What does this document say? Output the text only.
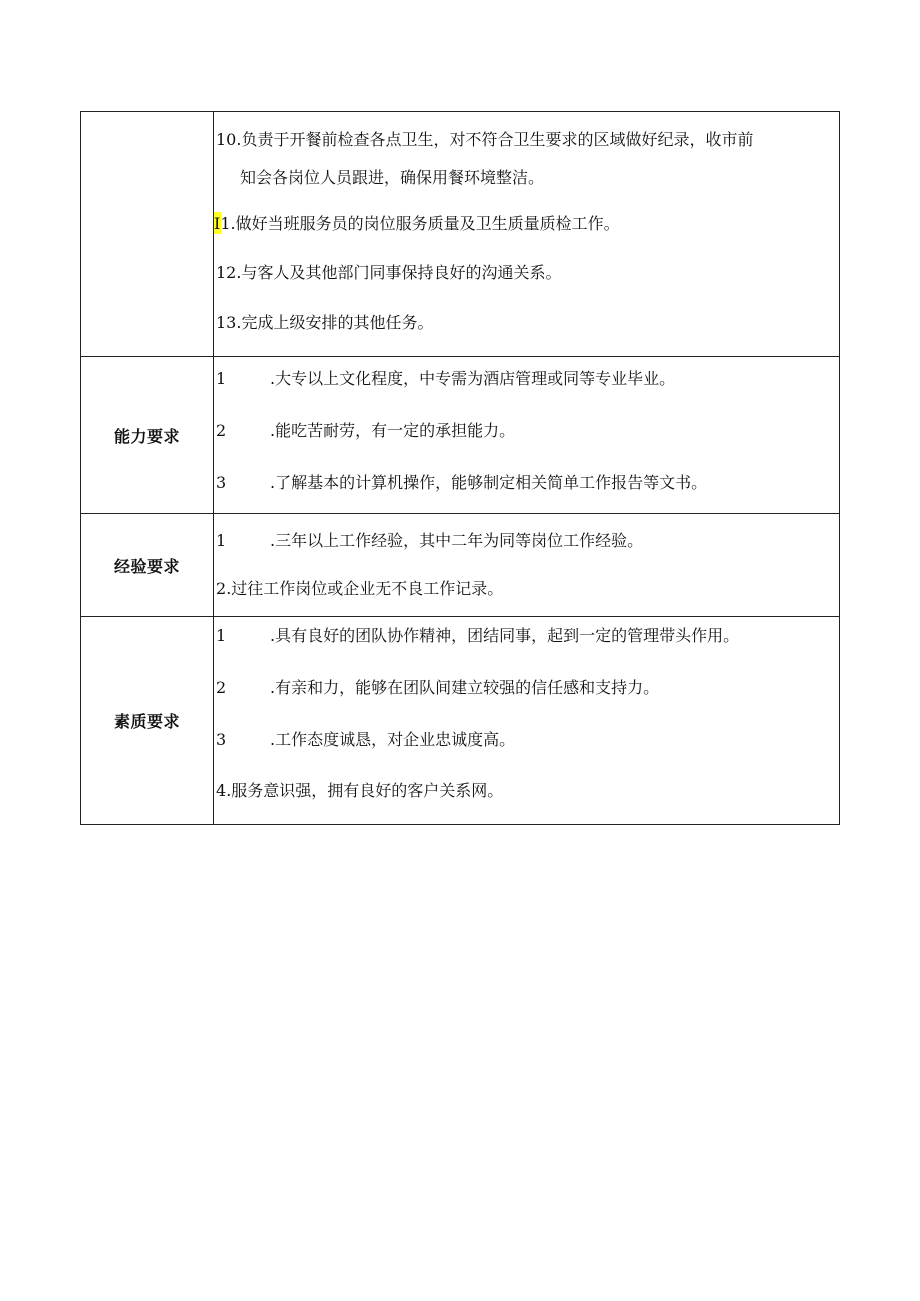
	10.负责于开餐前检查各点卫生，对不符合卫生要求的区域做好纪录，收市前
知会各岗位人员跟进，确保用餐环境整洁。
I1.做好当班服务员的岗位服务质量及卫生质量质检工作。
12.与客人及其他部门同事保持良好的沟通关系。
13.完成上级安排的其他任务。

能力要求	1 .大专以上文化程度，中专需为酒店管理或同等专业毕业。
2 .能吃苦耐劳，有一定的承担能力。
3 .了解基本的计算机操作，能够制定相关简单工作报告等文书。

经验要求	1 .三年以上工作经验，其中二年为同等岗位工作经验。
2.过往工作岗位或企业无不良工作记录。

素质要求	1 .具有良好的团队协作精神，团结同事，起到一定的管理带头作用。
2 .有亲和力，能够在团队间建立较强的信任感和支持力。
3 .工作态度诚恳，对企业忠诚度高。
4.服务意识强，拥有良好的客户关系网。
